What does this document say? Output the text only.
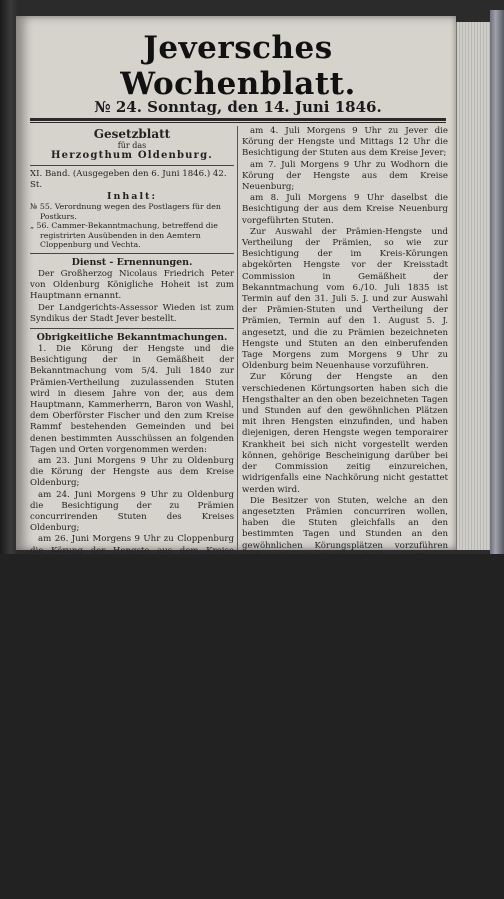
Jeversches Wochenblatt.
№ 24. Sonntag, den 14. Juni 1846.
Gesetzblatt
für das
Herzogthum Oldenburg.
XI. Band. (Ausgegeben den 6. Juni 1846.) 42. St.
Inhalt:
№ 55. Verordnung wegen des Postlagers für den Postkurs.
„ 56. Cammer-Bekanntmachung, betreffend die registrirten Ausübenden in den Aemtern Cloppenburg und Vechta.
Dienst - Ernennungen.

Der Großherzog Nicolaus Friedrich Peter von Oldenburg Königliche Hoheit ist zum Hauptmann ernannt.

Der Landgerichts-Assessor Wieden ist zum Syndikus der Stadt Jever bestellt.

Obrigkeitliche Bekanntmachungen.

1. Die Körung der Hengste und die Besichtigung der in Gemäßheit der Bekanntmachung vom 5/4. Juli 1840 zur Prämien-Vertheilung zuzulassenden Stuten wird in diesem Jahre von der, aus dem Hauptmann, Kammerherrn, Baron von Washl, dem Oberförster Fischer und den zum Kreise Rammf bestehenden Gemeinden und bei denen bestimmten Ausschüssen an folgenden Tagen und Orten vorgenommen werden:

am 23. Juni Morgens 9 Uhr zu Oldenburg die Körung der Hengste aus dem Kreise Oldenburg;

am 24. Juni Morgens 9 Uhr zu Oldenburg die Besichtigung der zu Prämien concurrirenden Stuten des Kreises Oldenburg;

am 26. Juni Morgens 9 Uhr zu Cloppenburg die Körung der Hengste aus dem Kreise Cloppenburg und um 11 Uhr die Besichtigung der Stuten aus diesem Kreise;

am 27. Juni Morgens 9 Uhr zu Vechta die Körung der Hengste, sodann um 11 Uhr die Besichtigung der Stuten aus dem Kreise Vechta;

am 29. Juni Morgens 9 Uhr zu Delmenhorst die Körung der Hengste aus dem Kreise Delmenhorst;

am 30. Juni Morgens 9 Uhr die Besichtigung der aus dem Kreise Delmenhorst vorgeführten Stuten;

am 1. Juli Morgens 9 Uhr zu Ovelgönne die Körung der Hengste aus den Aemtern Brake und Rodenkirchen;

am 2. Juli Morgens 9 Uhr die Besichtigung der Stuten aus dem Kreise Ovelgönne;

am 3. Juli Morgens 9 Uhr zu Stollhamm die Körung der Hengste aus den Aemtern Abbehausen und Burhave;

am 4. Juli Morgens 9 Uhr zu Jever die Körung der Hengste und Mittags 12 Uhr die Besichtigung der Stuten aus dem Kreise Jever;

am 7. Juli Morgens 9 Uhr zu Wodhorn die Körung der Hengste aus dem Kreise Neuenburg;

am 8. Juli Morgens 9 Uhr daselbst die Besichtigung der aus dem Kreise Neuenburg vorgeführten Stuten.

Zur Auswahl der Prämien-Hengste und Vertheilung der Prämien, so wie zur Besichtigung der im Kreis-Körungen abgekörten Hengste vor der Kreisstadt Commission in Gemäßheit der Bekanntmachung vom 6./10. Juli 1835 ist Termin auf den 31. Juli 5. J. und zur Auswahl der Prämien-Stuten und Vertheilung der Prämien, Termin auf den 1. August 5. J. angesetzt, und die zu Prämien bezeichneten Hengste und Stuten an den einberufenden Tage Morgens zum Morgens 9 Uhr zu Oldenburg beim Neuenhause vorzuführen.

Zur Körung der Hengste an den verschiedenen Körtungsorten haben sich die Hengsthalter an den oben bezeichneten Tagen und Stunden auf den gewöhnlichen Plätzen mit ihren Hengsten einzufinden, und haben diejenigen, deren Hengste wegen temporairer Krankheit bei sich nicht vorgestellt werden können, gehörige Bescheinigung darüber bei der Commission zeitig einzureichen, widrigenfalls eine Nachkörung nicht gestattet werden wird.

Die Besitzer von Stuten, welche an den angesetzten Prämien concurriren wollen, haben die Stuten gleichfalls an den bestimmten Tagen und Stunden an den gewöhnlichen Körungsplätzen vorzuführen und werden die Besitzer derjenigen Stuten, welche in den Jahren 1843, 1844 und 1845 Prämien erhalten haben, noch besonders darauf aufmerksam gemacht, daß die für Prämienstuten an den zur Besichtigung der Stuten angesetzten Tagen und Orten mit der Bescheinigung, daß die Stute im laufenden Jahre von selbst wieder ein Fohlen gebracht hat, vorzuführen sind, bei Verwendung der gesetzlichen Nachtheile.

Die Körung der Hengste im Amte Jever ist die Körung der Prämienvertheilung befreiten Hauptbeschälungsgemeinden, haben daher außerhalb derselben die für sie gebührende Zeit an den angesetzten Terminen einfinden, auch haben sämmtliche Aemter und Stadt-Magistrate den einzelnen Hengsthaltern den zur Körung angesetzten Tag und Ort noch besonders durch die Untervogtei bekannt zu machen und zu ladeln. Daher wird denselben aufgegeben, die Zeitangaben bekannt zu machen, daß die gehörende Berücksichtigung sämmtlicher in ihren Districten vorhandenen Hengsthalter zu den bestimmten Körtungs-Terminen an die Körungs-Commission abzugeben und erwartet die Regierung eine genaue Beachtung dieser Aufgabe, damit die beiden Oberbeamten wegen der Berücksichtigung einzelner Hengsthalter, die bei dem Termin zur Körung nicht erschienen haben, nicht mehr vorkommen können.
